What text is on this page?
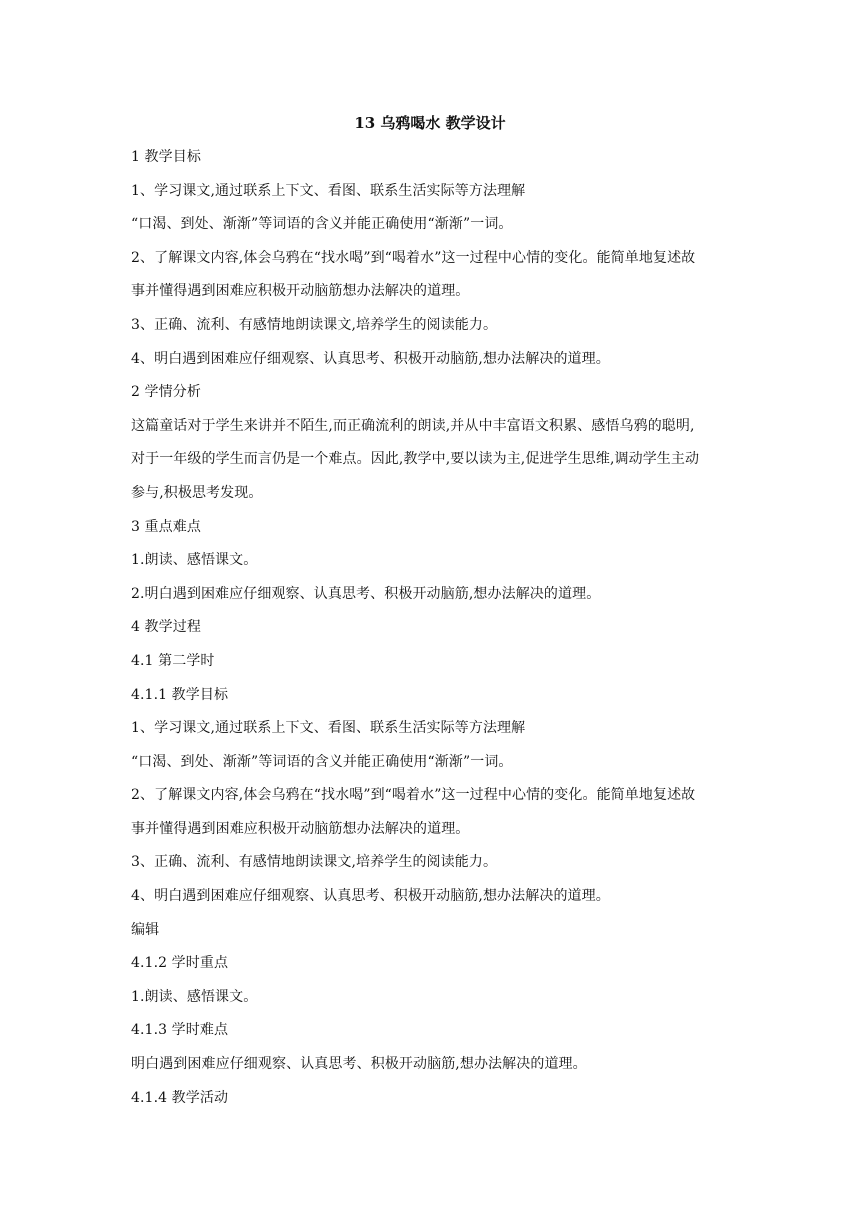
13 乌鸦喝水 教学设计
1 教学目标
1、学习课文,通过联系上下文、看图、联系生活实际等方法理解
“口渴、到处、渐渐”等词语的含义并能正确使用“渐渐”一词。
2、了解课文内容,体会乌鸦在“找水喝”到“喝着水”这一过程中心情的变化。能简单地复述故
事并懂得遇到困难应积极开动脑筋想办法解决的道理。
3、正确、流利、有感情地朗读课文,培养学生的阅读能力。
4、明白遇到困难应仔细观察、认真思考、积极开动脑筋,想办法解决的道理。
2 学情分析
这篇童话对于学生来讲并不陌生,而正确流利的朗读,并从中丰富语文积累、感悟乌鸦的聪明,
对于一年级的学生而言仍是一个难点。因此,教学中,要以读为主,促进学生思维,调动学生主动
参与,积极思考发现。
3 重点难点
1.朗读、感悟课文。
2.明白遇到困难应仔细观察、认真思考、积极开动脑筋,想办法解决的道理。
4 教学过程
4.1 第二学时
4.1.1 教学目标
1、学习课文,通过联系上下文、看图、联系生活实际等方法理解
“口渴、到处、渐渐”等词语的含义并能正确使用“渐渐”一词。
2、了解课文内容,体会乌鸦在“找水喝”到“喝着水”这一过程中心情的变化。能简单地复述故
事并懂得遇到困难应积极开动脑筋想办法解决的道理。
3、正确、流利、有感情地朗读课文,培养学生的阅读能力。
4、明白遇到困难应仔细观察、认真思考、积极开动脑筋,想办法解决的道理。
编辑
4.1.2 学时重点
1.朗读、感悟课文。
4.1.3 学时难点
明白遇到困难应仔细观察、认真思考、积极开动脑筋,想办法解决的道理。
4.1.4 教学活动
